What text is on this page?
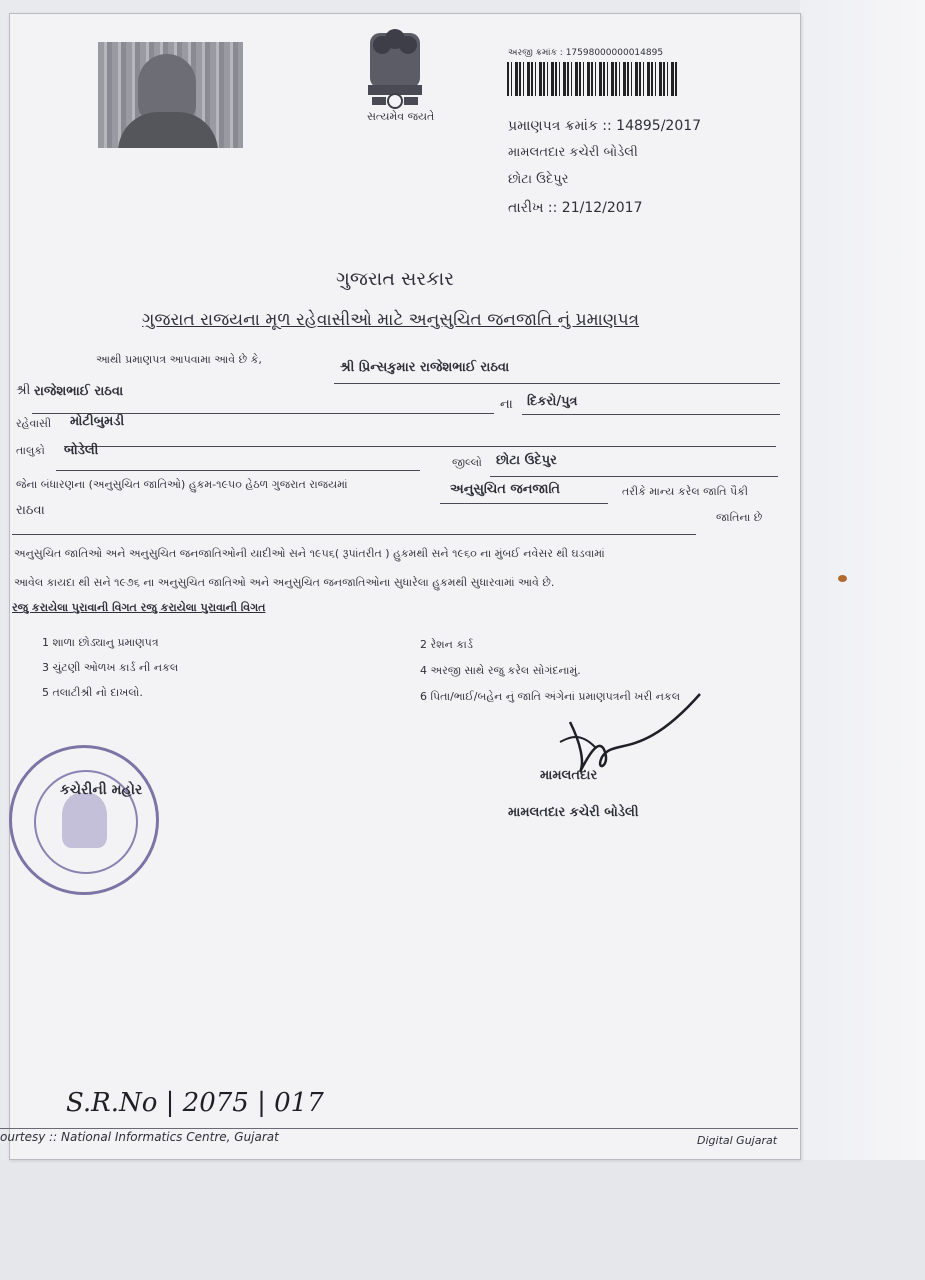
સત્યમેવ જયતે
અરજી ક્રમાંક : 17598000000014895
પ્રમાણપત્ર ક્રમાંક :: 14895/2017
મામલતદાર કચેરી બોડેલી
છોટા ઉદેપુર
તારીખ :: 21/12/2017
ગુજરાત સરકાર
ગુજરાત રાજયના મૂળ રહેવાસીઓ માટે અનુસુચિત જનજાતિ નું પ્રમાણપત્ર
આથી પ્રમાણપત્ર આપવામા આવે છે કે,
શ્રી પ્રિન્સકુમાર રાજેશભાઈ રાઠવા
શ્રી રાજેશભાઈ રાઠવા
ના દિકરો/પુત્ર
રહેવાસી મોટીબુમડી
તાલુકો બોડેલી
જીલ્લો છોટા ઉદેપુર
જેના બંધારણના (અનુસુચિત જાતિઓ) હુકમ-૧૯૫૦ હેઠળ ગુજરાત રાજયમાં	અનુસુચિત જનજાતિ	તરીકે માન્ય કરેલ જાતિ પૈકી
રાઠવા	જાતિના છે
અનુસુચિત જાતિઓ અને અનુસુચિત જનજાતિઓની યાદીઓ સને ૧૯૫૬( રૂપાંતરીત ) હુકમથી સને ૧૯૬૦ ના મુંબઈ નવેસર થી ઘડવામાં
આવેલ કાયદા થી સને ૧૯૭૬ ના અનુસુચિત જાતિઓ અને અનુસુચિત જનજાતિઓના સુધારેલા હુકમથી સુધારવામાં આવે છે.
રજુ કરાયેલા પુરાવાની વિગત રજુ કરાયેલા પુરાવાની વિગત
1 શાળા છોડ્યાનુ પ્રમાણપત્ર	2 રેશન કાર્ડ
3 ચુંટણી ઓળખ કાર્ડ ની નકલ	4 અરજી સાથે રજુ કરેલ સોગંદનામું.
5 તલાટીશ્રી નો દાખલો.	6 પિતા/ભાઈ/બહેન નું જાતિ અંગેનાં પ્રમાણપત્રની ખરી નકલ
મામલતદાર
મામલતદાર કચેરી બોડેલી
કચેરીની મહોર
S.R.No | 2075 | 017
ourtesy :: National Informatics Centre, Gujarat	Digital Gujarat
